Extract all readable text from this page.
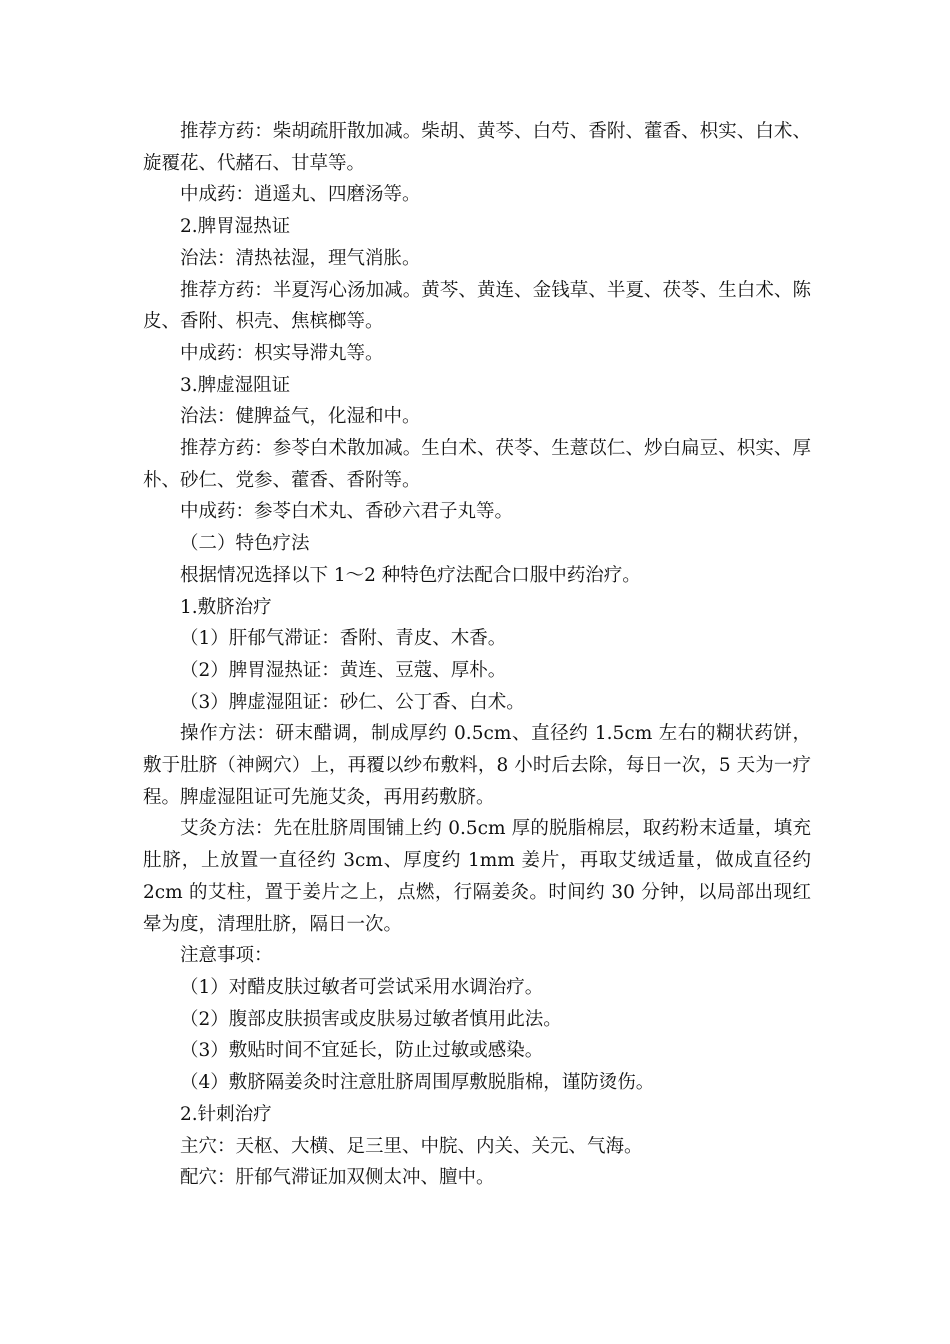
推荐方药：柴胡疏肝散加减。柴胡、黄芩、白芍、香附、藿香、枳实、白术、旋覆花、代赭石、甘草等。

中成药：逍遥丸、四磨汤等。

2.脾胃湿热证

治法：清热祛湿，理气消胀。

推荐方药：半夏泻心汤加减。黄芩、黄连、金钱草、半夏、茯苓、生白术、陈皮、香附、枳壳、焦槟榔等。

中成药：枳实导滞丸等。

3.脾虚湿阻证

治法：健脾益气，化湿和中。

推荐方药：参苓白术散加减。生白术、茯苓、生薏苡仁、炒白扁豆、枳实、厚朴、砂仁、党参、藿香、香附等。

中成药：参苓白术丸、香砂六君子丸等。

（二）特色疗法

根据情况选择以下 1～2 种特色疗法配合口服中药治疗。

1.敷脐治疗

（1）肝郁气滞证：香附、青皮、木香。

（2）脾胃湿热证：黄连、豆蔻、厚朴。

（3）脾虚湿阻证：砂仁、公丁香、白术。

操作方法：研末醋调，制成厚约 0.5cm、直径约 1.5cm 左右的糊状药饼，敷于肚脐（神阙穴）上，再覆以纱布敷料，8 小时后去除，每日一次，5 天为一疗程。脾虚湿阻证可先施艾灸，再用药敷脐。

艾灸方法：先在肚脐周围铺上约 0.5cm 厚的脱脂棉层，取药粉末适量，填充肚脐，上放置一直径约 3cm、厚度约 1mm 姜片，再取艾绒适量，做成直径约 2cm 的艾柱，置于姜片之上，点燃，行隔姜灸。时间约 30 分钟，以局部出现红晕为度，清理肚脐，隔日一次。

注意事项：

（1）对醋皮肤过敏者可尝试采用水调治疗。

（2）腹部皮肤损害或皮肤易过敏者慎用此法。

（3）敷贴时间不宜延长，防止过敏或感染。

（4）敷脐隔姜灸时注意肚脐周围厚敷脱脂棉，谨防烫伤。

2.针刺治疗

主穴：天枢、大横、足三里、中脘、内关、关元、气海。

配穴：肝郁气滞证加双侧太冲、膻中。
